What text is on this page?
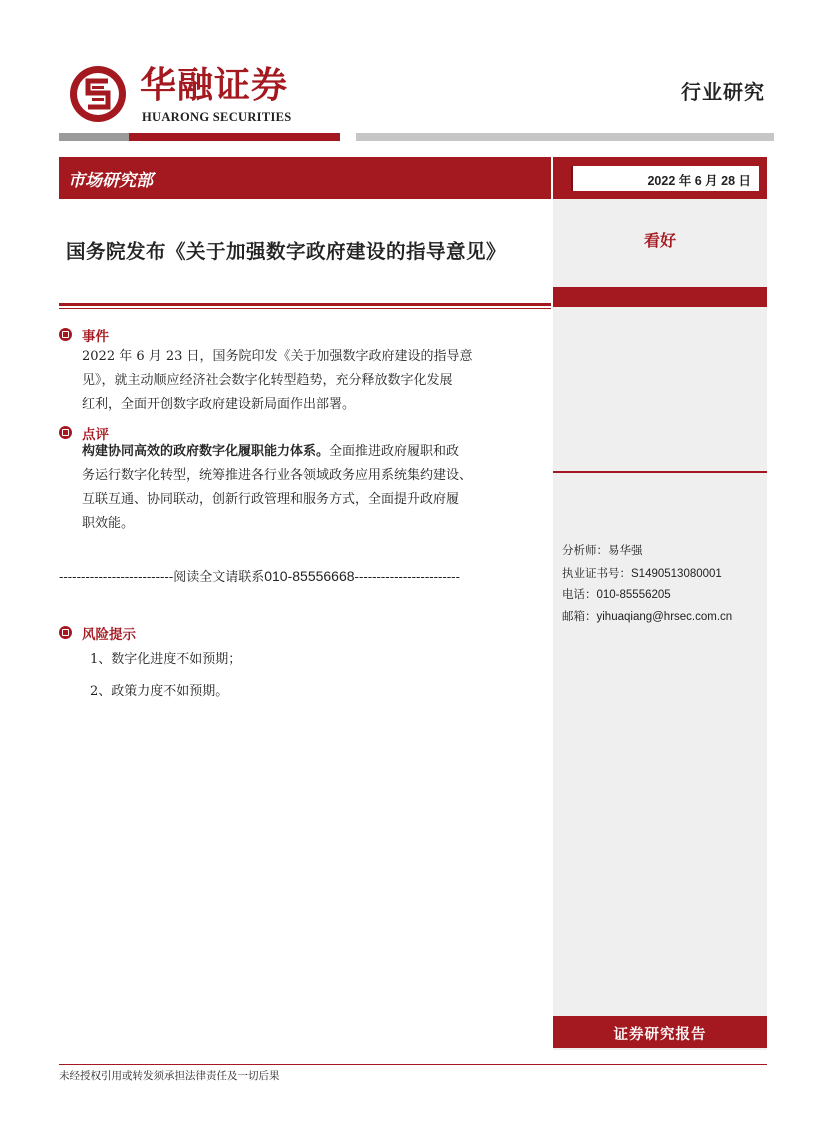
华融证券
HUARONG SECURITIES
行业研究
市场研究部	2022 年 6 月 28 日
看好
分析师：易华强
执业证书号：S1490513080001
电话：010-85556205
邮箱：yihuaqiang@hrsec.com.cn
证券研究报告
国务院发布《关于加强数字政府建设的指导意见》
事件
2022 年 6 月 23 日，国务院印发《关于加强数字政府建设的指导意
见》，就主动顺应经济社会数字化转型趋势，充分释放数字化发展
红利，全面开创数字政府建设新局面作出部署。
点评
构建协同高效的政府数字化履职能力体系。全面推进政府履职和政
务运行数字化转型，统筹推进各行业各领域政务应用系统集约建设、
互联互通、协同联动，创新行政管理和服务方式，全面提升政府履
职效能。
--------------------------阅读全文请联系010-85556668------------------------
风险提示
1、数字化进度不如预期；
2、政策力度不如预期。
未经授权引用或转发须承担法律责任及一切后果
